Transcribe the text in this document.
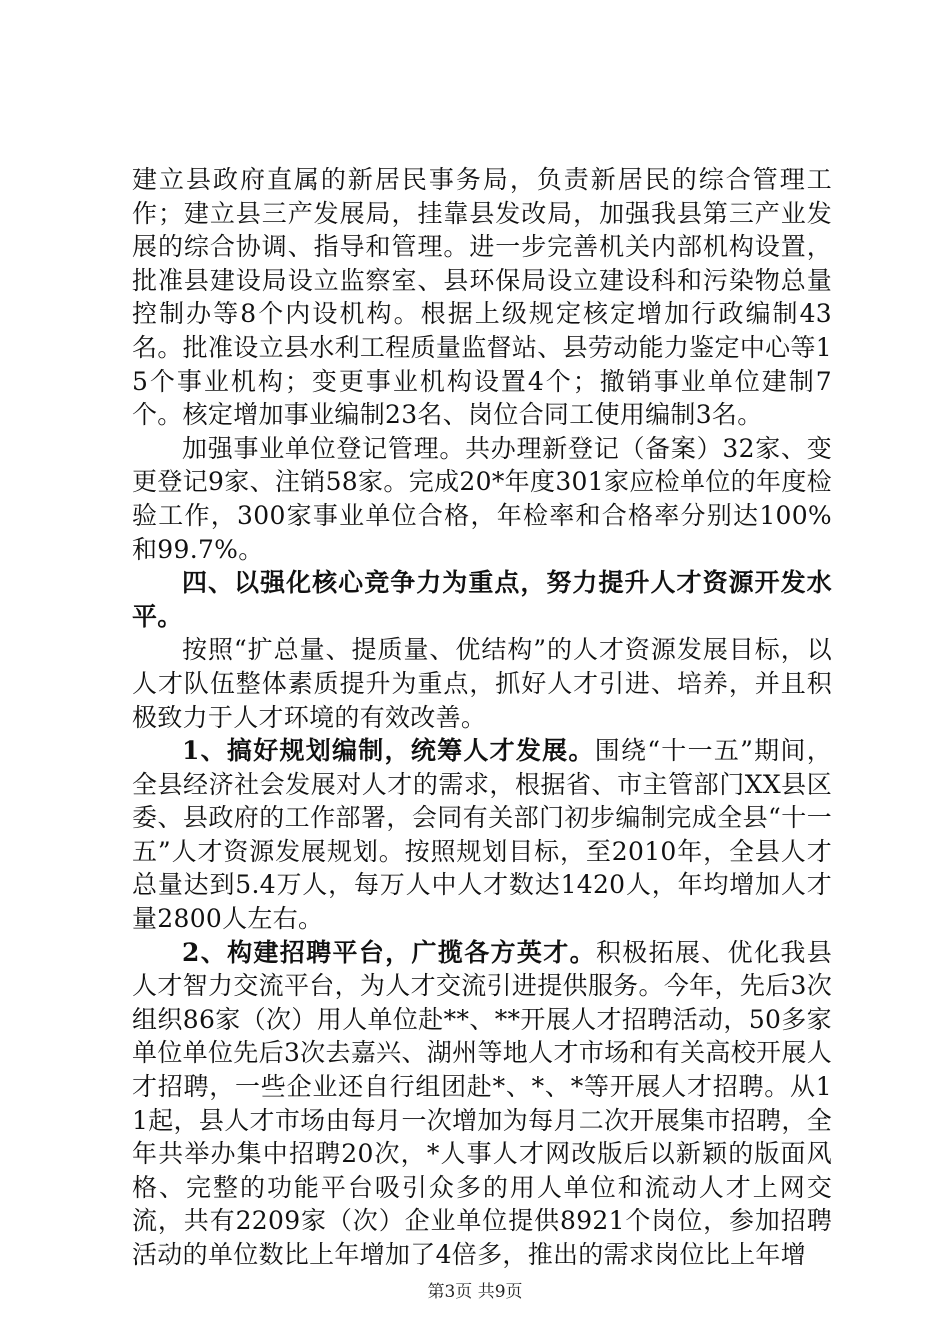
建立县政府直属的新居民事务局，负责新居民的综合管理工作；建立县三产发展局，挂靠县发改局，加强我县第三产业发展的综合协调、指导和管理。进一步完善机关内部机构设置，批准县建设局设立监察室、县环保局设立建设科和污染物总量控制办等8个内设机构。根据上级规定核定增加行政编制43名。批准设立县水利工程质量监督站、县劳动能力鉴定中心等15个事业机构；变更事业机构设置4个；撤销事业单位建制7个。核定增加事业编制23名、岗位合同工使用编制3名。

加强事业单位登记管理。共办理新登记（备案）32家、变更登记9家、注销58家。完成20*年度301家应检单位的年度检验工作，300家事业单位合格，年检率和合格率分别达100%和99.7%。

四、以强化核心竞争力为重点，努力提升人才资源开发水平。

按照“扩总量、提质量、优结构”的人才资源发展目标，以人才队伍整体素质提升为重点，抓好人才引进、培养，并且积极致力于人才环境的有效改善。

1、搞好规划编制，统筹人才发展。围绕“十一五”期间，全县经济社会发展对人才的需求，根据省、市主管部门XX县区委、县政府的工作部署，会同有关部门初步编制完成全县“十一五”人才资源发展规划。按照规划目标，至2010年，全县人才总量达到5.4万人，每万人中人才数达1420人，年均增加人才量2800人左右。

2、构建招聘平台，广揽各方英才。积极拓展、优化我县人才智力交流平台，为人才交流引进提供服务。今年，先后3次组织86家（次）用人单位赴**、**开展人才招聘活动，50多家单位单位先后3次去嘉兴、湖州等地人才市场和有关高校开展人才招聘，一些企业还自行组团赴*、*、*等开展人才招聘。从11起，县人才市场由每月一次增加为每月二次开展集市招聘，全年共举办集中招聘20次，*人事人才网改版后以新颖的版面风格、完整的功能平台吸引众多的用人单位和流动人才上网交流，共有2209家（次）企业单位提供8921个岗位，参加招聘活动的单位数比上年增加了4倍多，推出的需求岗位比上年增

第3页 共9页
